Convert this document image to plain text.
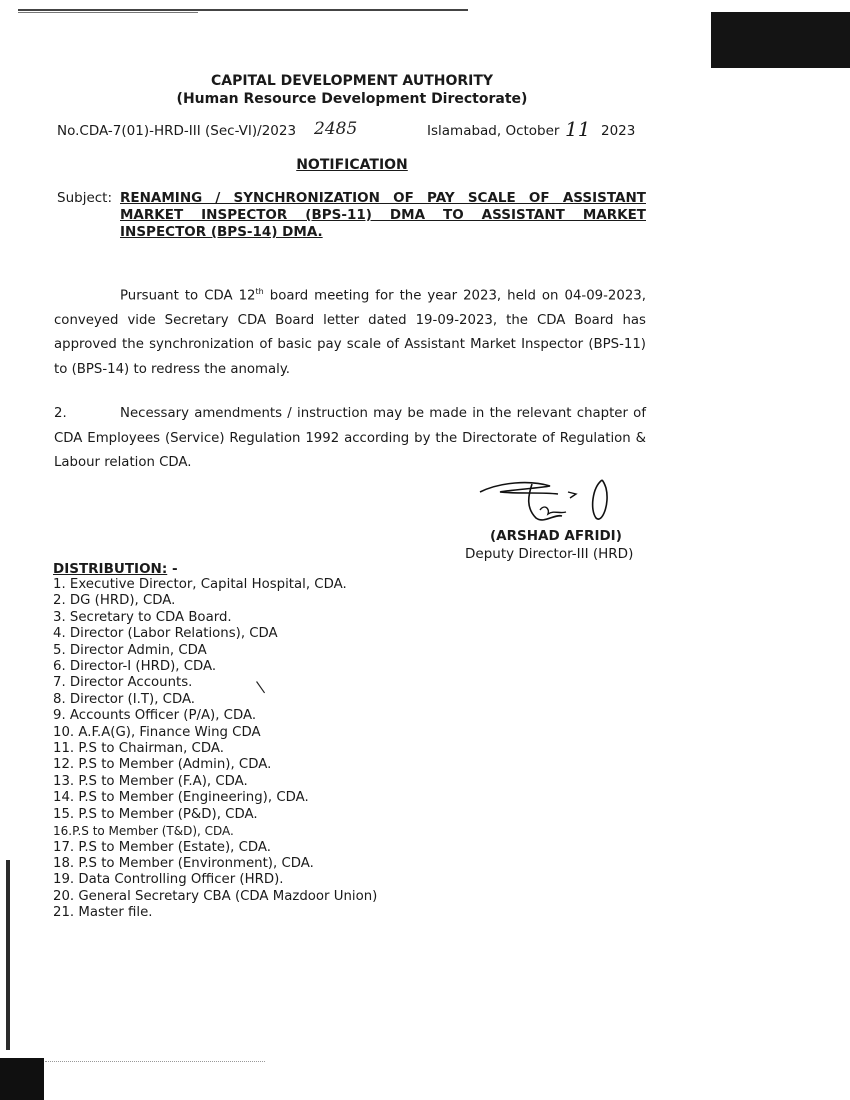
CAPITAL DEVELOPMENT AUTHORITY
(Human Resource Development Directorate)
No.CDA-7(01)-HRD-III (Sec-VI)/2023 2485	Islamabad, October 11 2023
NOTIFICATION
Subject: RENAMING / SYNCHRONIZATION OF PAY SCALE OF ASSISTANT MARKET INSPECTOR (BPS-11) DMA TO ASSISTANT MARKET INSPECTOR (BPS-14) DMA.
Pursuant to CDA 12th board meeting for the year 2023, held on 04-09-2023, conveyed vide Secretary CDA Board letter dated 19-09-2023, the CDA Board has approved the synchronization of basic pay scale of Assistant Market Inspector (BPS-11) to (BPS-14) to redress the anomaly.
2.	Necessary amendments / instruction may be made in the relevant chapter of CDA Employees (Service) Regulation 1992 according by the Directorate of Regulation & Labour relation CDA.
(ARSHAD AFRIDI)
Deputy Director-III (HRD)
DISTRIBUTION: -
1. Executive Director, Capital Hospital, CDA.
2. DG (HRD), CDA.
3. Secretary to CDA Board.
4. Director (Labor Relations), CDA
5. Director Admin, CDA
6. Director-I (HRD), CDA.
7. Director Accounts.
8. Director (I.T), CDA.
9. Accounts Officer (P/A), CDA.
10. A.F.A(G), Finance Wing CDA
11. P.S to Chairman, CDA.
12. P.S to Member (Admin), CDA.
13. P.S to Member (F.A), CDA.
14. P.S to Member (Engineering), CDA.
15. P.S to Member (P&D), CDA.
16.P.S to Member (T&D), CDA.
17. P.S to Member (Estate), CDA.
18. P.S to Member (Environment), CDA.
19. Data Controlling Officer (HRD).
20. General Secretary CBA (CDA Mazdoor Union)
21. Master file.
|
